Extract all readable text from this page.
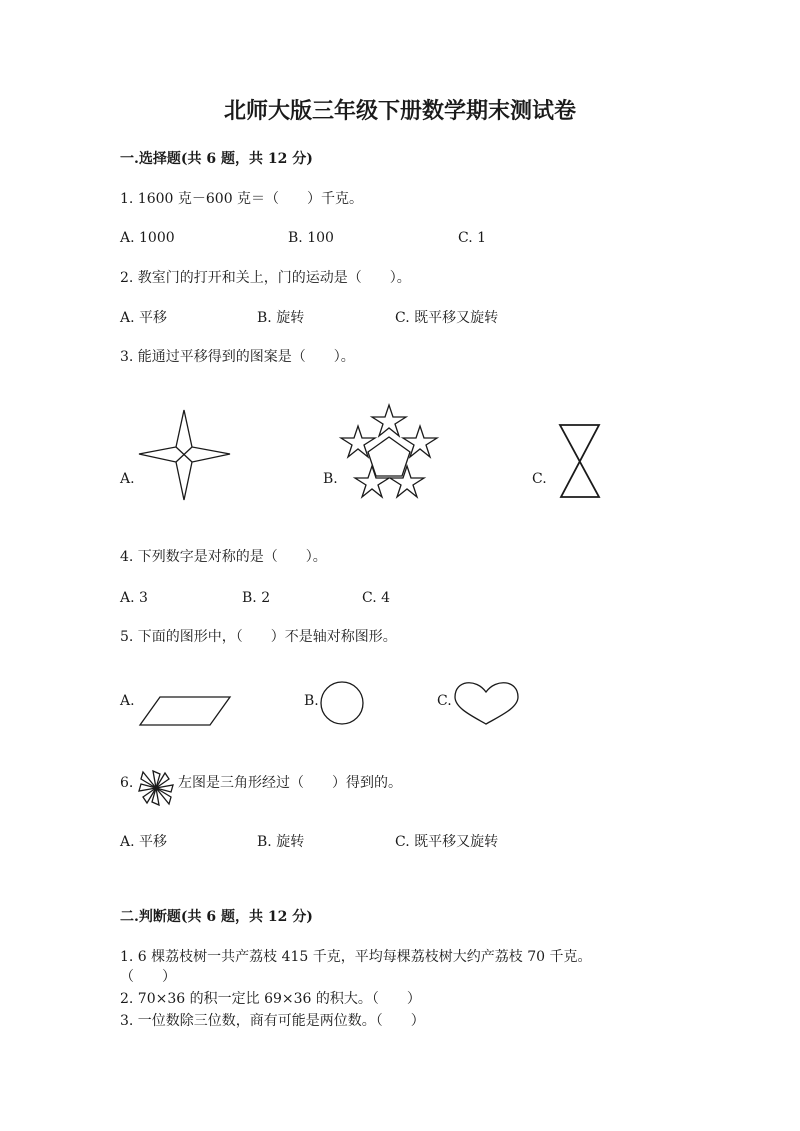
北师大版三年级下册数学期末测试卷
一.选择题(共 6 题，共 12 分)
1. 1600 克－600 克＝（　　）千克。
A. 1000	B. 100	C. 1
2. 教室门的打开和关上，门的运动是（　　）。
A. 平移	B. 旋转	C. 既平移又旋转
3. 能通过平移得到的图案是（　　）。
A.	B.	C.
4. 下列数字是对称的是（　　）。
A. 3	B. 2	C. 4
5. 下面的图形中，（　　）不是轴对称图形。
A.	B.	C.
6.	左图是三角形经过（　　）得到的。
A. 平移	B. 旋转	C. 既平移又旋转
二.判断题(共 6 题，共 12 分)
1. 6 棵荔枝树一共产荔枝 415 千克，平均每棵荔枝树大约产荔枝 70 千克。
（　　）
2. 70×36 的积一定比 69×36 的积大。（　　）
3. 一位数除三位数，商有可能是两位数。（　　）
